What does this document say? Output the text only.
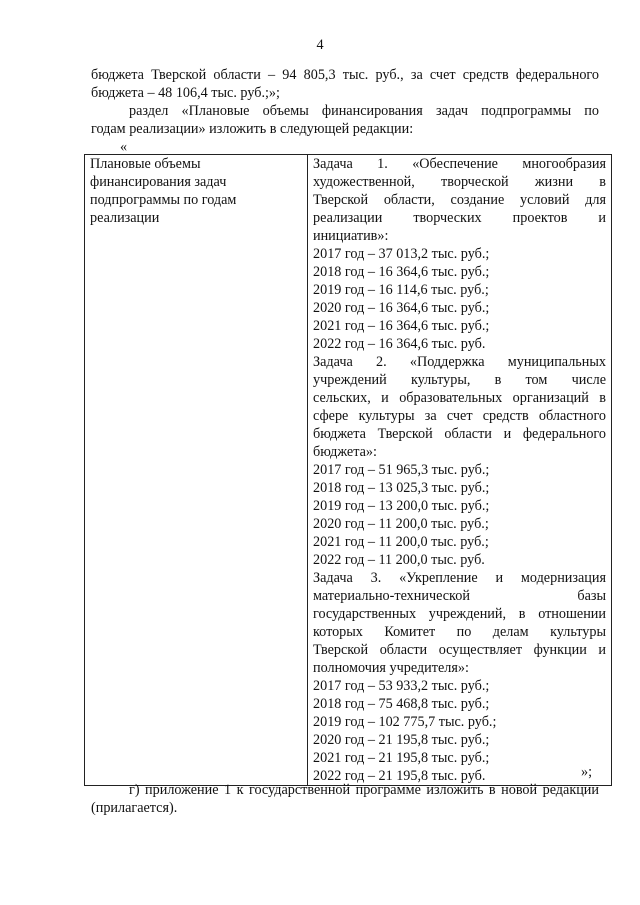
4

бюджета Тверской области – 94 805,3 тыс. руб., за счет средств федерального

бюджета – 48 106,4 тыс. руб.;»;

раздел «Плановые объемы финансирования задач подпрограммы по

годам реализации» изложить в следующей редакции:

«
Плановые объемы
финансирования задач
подпрограммы по годам
реализации

Задача 1. «Обеспечение многообразия
художественной, творческой жизни в
Тверской области, создание условий для
реализации творческих проектов и
инициатив»:
2017 год – 37 013,2 тыс. руб.;
2018 год – 16 364,6 тыс. руб.;
2019 год – 16 114,6 тыс. руб.;
2020 год – 16 364,6 тыс. руб.;
2021 год – 16 364,6 тыс. руб.;
2022 год – 16 364,6 тыс. руб.
Задача 2. «Поддержка муниципальных
учреждений культуры, в том числе
сельских, и образовательных организаций в
сфере культуры за счет средств областного
бюджета Тверской области и федерального
бюджета»:
2017 год – 51 965,3 тыс. руб.;
2018 год – 13 025,3 тыс. руб.;
2019 год – 13 200,0 тыс. руб.;
2020 год – 11 200,0 тыс. руб.;
2021 год – 11 200,0 тыс. руб.;
2022 год – 11 200,0 тыс. руб.
Задача 3. «Укрепление и модернизация
материально-технической базы
государственных учреждений, в отношении
которых Комитет по делам культуры
Тверской области осуществляет функции и
полномочия учредителя»:
2017 год – 53 933,2 тыс. руб.;
2018 год – 75 468,8 тыс. руб.;
2019 год – 102 775,7 тыс. руб.;
2020 год – 21 195,8 тыс. руб.;
2021 год – 21 195,8 тыс. руб.;
2022 год – 21 195,8 тыс. руб.	»;

г) приложение 1 к государственной программе изложить в новой редакции (прилагается).
